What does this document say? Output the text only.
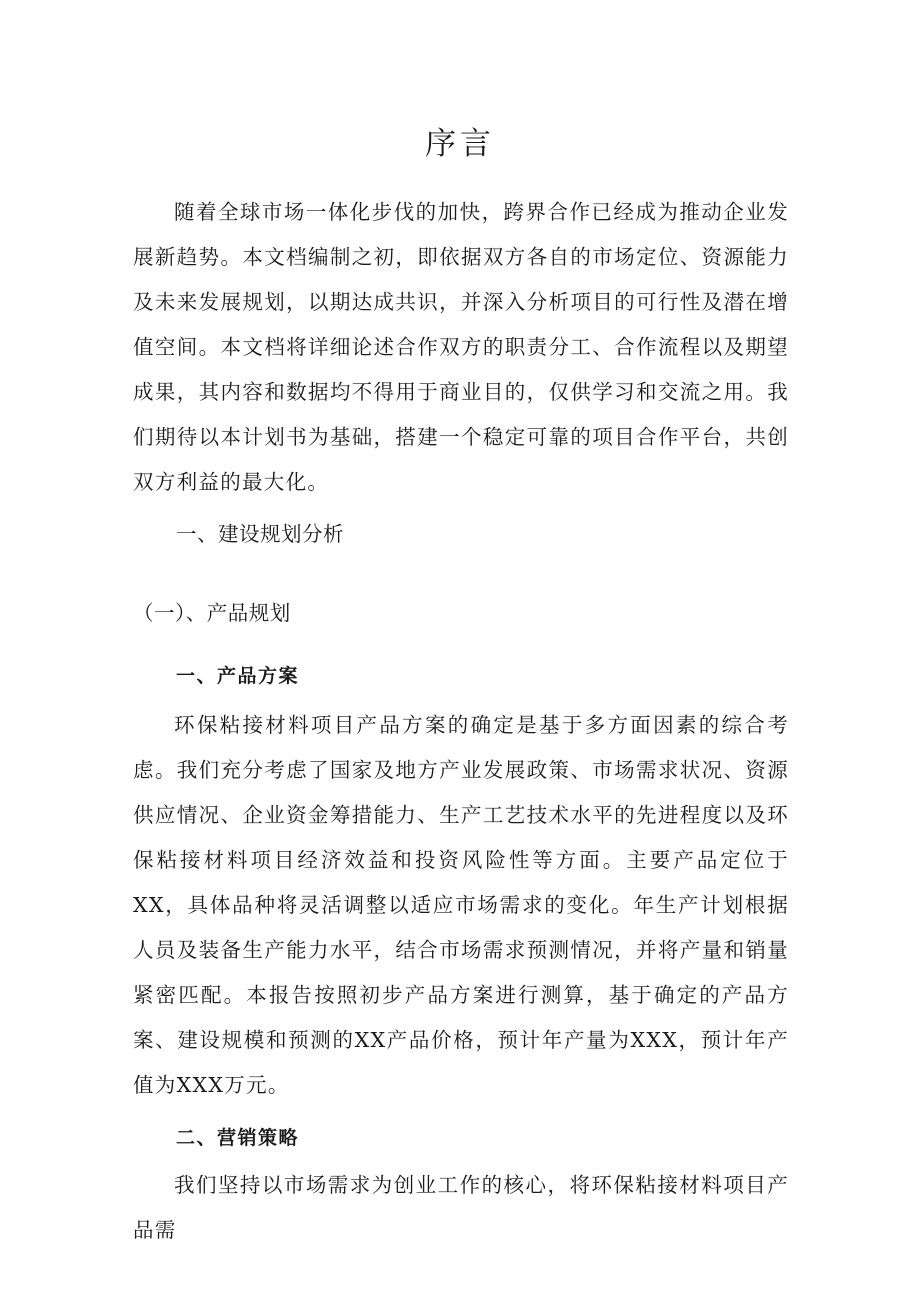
序言

随着全球市场一体化步伐的加快，跨界合作已经成为推动企业发展新趋势。本文档编制之初，即依据双方各自的市场定位、资源能力及未来发展规划，以期达成共识，并深入分析项目的可行性及潜在增值空间。本文档将详细论述合作双方的职责分工、合作流程以及期望成果，其内容和数据均不得用于商业目的，仅供学习和交流之用。我们期待以本计划书为基础，搭建一个稳定可靠的项目合作平台，共创双方利益的最大化。

一、建设规划分析
（一）、产品规划
一、产品方案

环保粘接材料项目产品方案的确定是基于多方面因素的综合考虑。我们充分考虑了国家及地方产业发展政策、市场需求状况、资源供应情况、企业资金筹措能力、生产工艺技术水平的先进程度以及环保粘接材料项目经济效益和投资风险性等方面。主要产品定位于XX，具体品种将灵活调整以适应市场需求的变化。年生产计划根据人员及装备生产能力水平，结合市场需求预测情况，并将产量和销量紧密匹配。本报告按照初步产品方案进行测算，基于确定的产品方案、建设规模和预测的XX产品价格，预计年产量为XXX，预计年产值为XXX万元。

二、营销策略

我们坚持以市场需求为创业工作的核心，将环保粘接材料项目产品需
